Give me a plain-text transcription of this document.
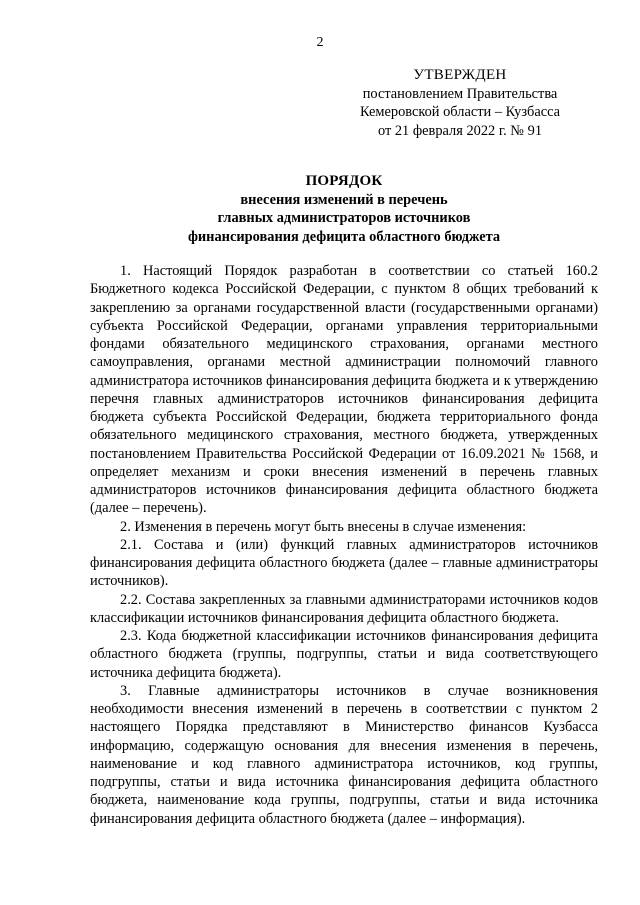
2
УТВЕРЖДЕН
постановлением Правительства
Кемеровской области – Кузбасса
от 21 февраля 2022 г. № 91
ПОРЯДОК
внесения изменений в перечень
главных администраторов источников
финансирования дефицита областного бюджета

1. Настоящий Порядок разработан в соответствии со статьей 160.2 Бюджетного кодекса Российской Федерации, с пунктом 8 общих требований к закреплению за органами государственной власти (государственными органами) субъекта Российской Федерации, органами управления территориальными фондами обязательного медицинского страхования, органами местного самоуправления, органами местной администрации полномочий главного администратора источников финансирования дефицита бюджета и к утверждению перечня главных администраторов источников финансирования дефицита бюджета субъекта Российской Федерации, бюджета территориального фонда обязательного медицинского страхования, местного бюджета, утвержденных постановлением Правительства Российской Федерации от 16.09.2021 № 1568, и определяет механизм и сроки внесения изменений в перечень главных администраторов источников финансирования дефицита областного бюджета (далее – перечень).

2. Изменения в перечень могут быть внесены в случае изменения:

2.1. Состава и (или) функций главных администраторов источников финансирования дефицита областного бюджета (далее – главные администраторы источников).

2.2. Состава закрепленных за главными администраторами источников кодов классификации источников финансирования дефицита областного бюджета.

2.3. Кода бюджетной классификации источников финансирования дефицита областного бюджета (группы, подгруппы, статьи и вида соответствующего источника дефицита бюджета).

3. Главные администраторы источников в случае возникновения необходимости внесения изменений в перечень в соответствии с пунктом 2 настоящего Порядка представляют в Министерство финансов Кузбасса информацию, содержащую основания для внесения изменения в перечень, наименование и код главного администратора источников, код группы, подгруппы, статьи и вида источника финансирования дефицита областного бюджета, наименование кода группы, подгруппы, статьи и вида источника финансирования дефицита областного бюджета (далее – информация).
